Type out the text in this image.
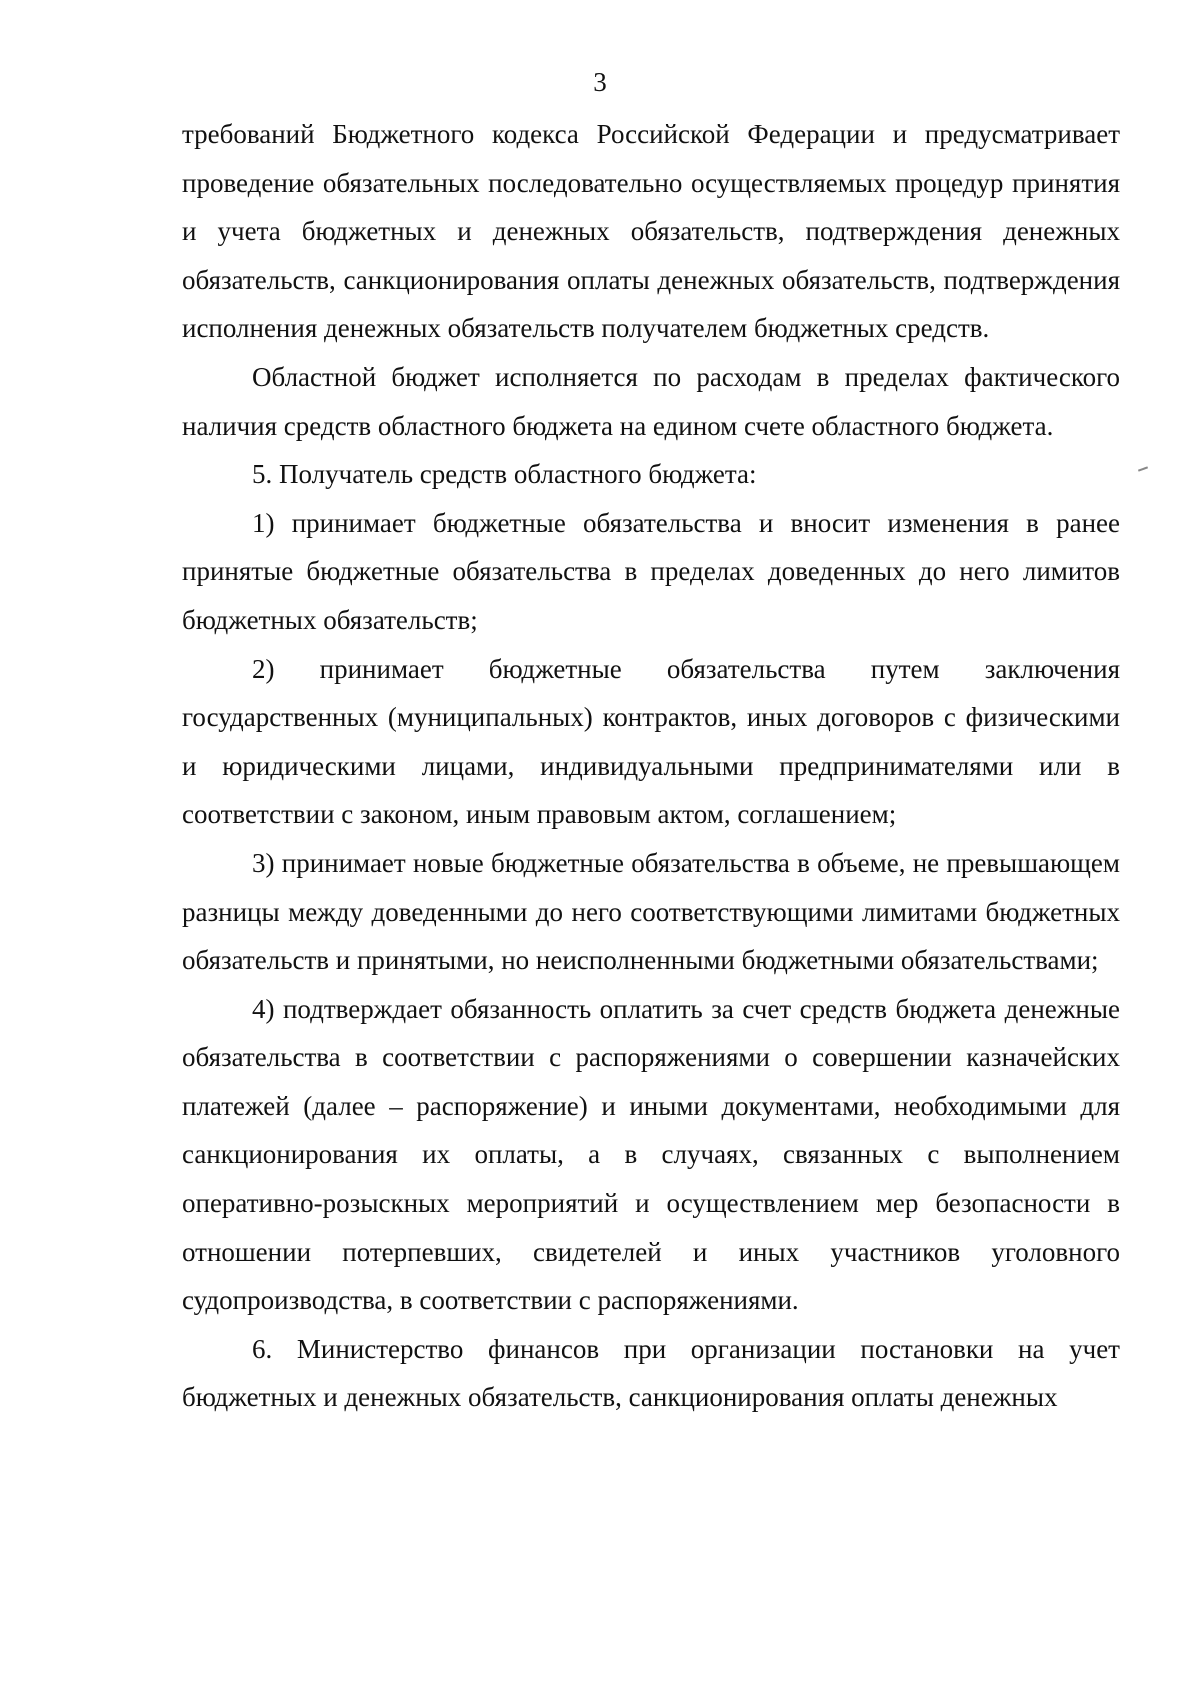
3

требований Бюджетного кодекса Российской Федерации и предусматривает проведение обязательных последовательно осуществляемых процедур принятия и учета бюджетных и денежных обязательств, подтверждения денежных обязательств, санкционирования оплаты денежных обязательств, подтверждения исполнения денежных обязательств получателем бюджетных средств.

Областной бюджет исполняется по расходам в пределах фактического наличия средств областного бюджета на едином счете областного бюджета.

5. Получатель средств областного бюджета:

1) принимает бюджетные обязательства и вносит изменения в ранее принятые бюджетные обязательства в пределах доведенных до него лимитов бюджетных обязательств;

2) принимает бюджетные обязательства путем заключения государственных (муниципальных) контрактов, иных договоров с физическими и юридическими лицами, индивидуальными предпринимателями или в соответствии с законом, иным правовым актом, соглашением;

3) принимает новые бюджетные обязательства в объеме, не превышающем разницы между доведенными до него соответствующими лимитами бюджетных обязательств и принятыми, но неисполненными бюджетными обязательствами;

4) подтверждает обязанность оплатить за счет средств бюджета денежные обязательства в соответствии с распоряжениями о совершении казначейских платежей (далее – распоряжение) и иными документами, необходимыми для санкционирования их оплаты, а в случаях, связанных с выполнением оперативно-розыскных мероприятий и осуществлением мер безопасности в отношении потерпевших, свидетелей и иных участников уголовного судопроизводства, в соответствии с распоряжениями.

6. Министерство финансов при организации постановки на учет бюджетных и денежных обязательств, санкционирования оплаты денежных
